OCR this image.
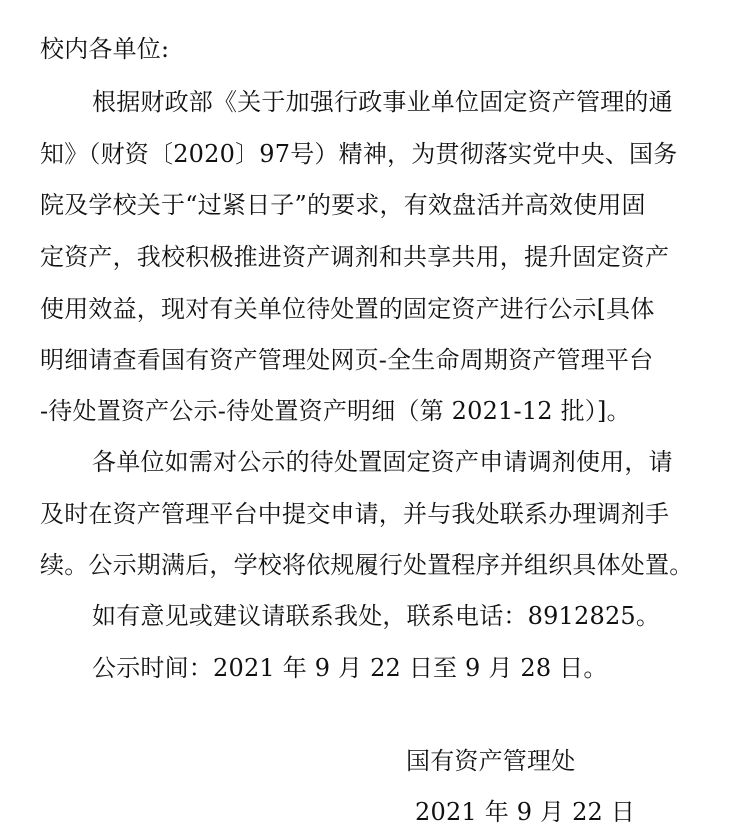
校内各单位:
根据财政部《关于加强行政事业单位固定资产管理的通
知》（财资〔2020〕97号）精神，为贯彻落实党中央、国务
院及学校关于“过紧日子”的要求，有效盘活并高效使用固
定资产，我校积极推进资产调剂和共享共用，提升固定资产
使用效益，现对有关单位待处置的固定资产进行公示[具体
明细请查看国有资产管理处网页-全生命周期资产管理平台
-待处置资产公示-待处置资产明细（第 2021-12 批）]。
各单位如需对公示的待处置固定资产申请调剂使用，请
及时在资产管理平台中提交申请，并与我处联系办理调剂手
续。公示期满后，学校将依规履行处置程序并组织具体处置。
如有意见或建议请联系我处，联系电话：8912825。
公示时间：2021 年 9 月 22 日至 9 月 28 日。
国有资产管理处
2021 年 9 月 22 日
